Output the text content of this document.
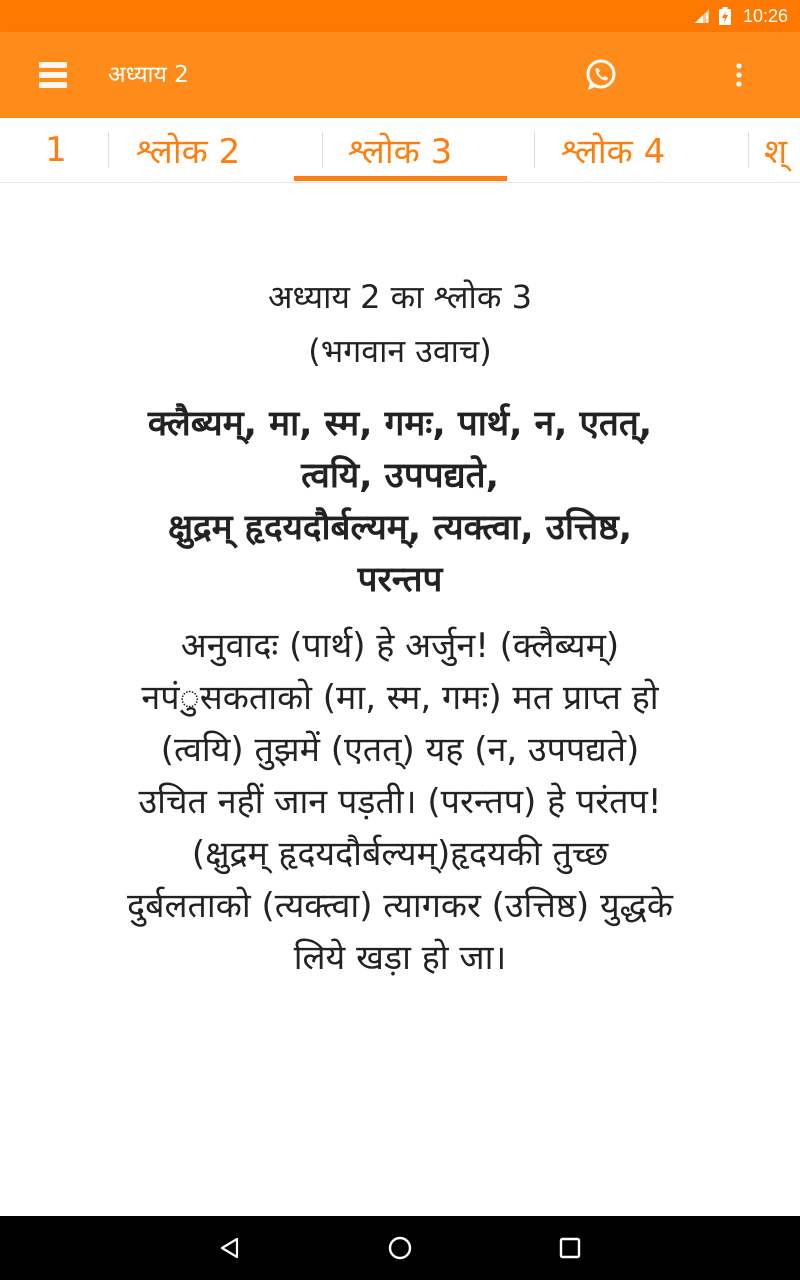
10:26
अध्याय 2
1 श्लोक 2	श्लोक 3	श्लोक 4	श्

अध्याय 2 का श्लोक 3

(भगवान उवाच)

क्लैब्यम्, मा, स्म, गमः, पार्थ, न, एतत्,
त्वयि, उपपद्यते,
क्षुद्रम् हृदयदौर्बल्यम्, त्यक्त्वा, उत्तिष्ठ,
परन्तप
अनुवादः (पार्थ) हे अर्जुन! (क्लैब्यम्)
नपंुसकताको (मा, स्म, गमः) मत प्राप्त हो
(त्वयि) तुझमें (एतत्) यह (न, उपपद्यते)
उचित नहीं जान पड़ती। (परन्तप) हे परंतप!
(क्षुद्रम् हृदयदौर्बल्यम्)हृदयकी तुच्छ
दुर्बलताको (त्यक्त्वा) त्यागकर (उत्तिष्ठ) युद्धके
लिये खड़ा हो जा।
